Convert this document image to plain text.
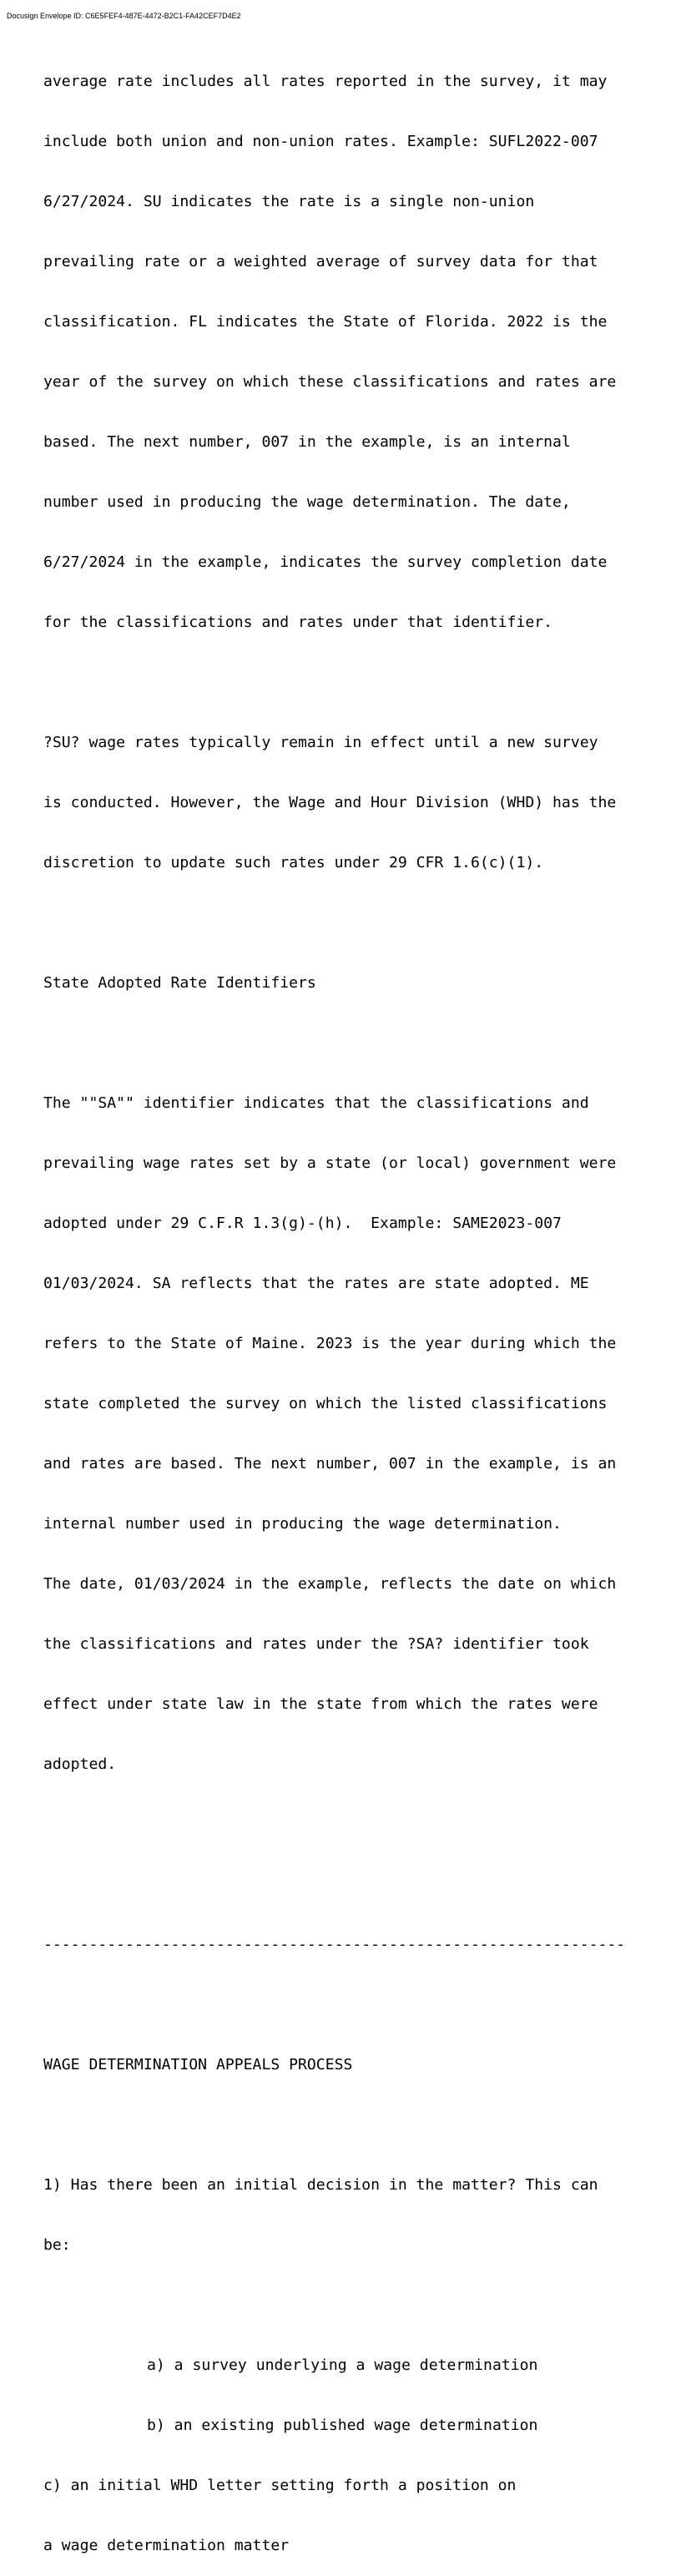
Docusign Envelope ID: C6E5FEF4-487E-4472-B2C1-FA42CEF7D4E2

average rate includes all rates reported in the survey, it may

include both union and non-union rates. Example: SUFL2022-007

6/27/2024. SU indicates the rate is a single non-union

prevailing rate or a weighted average of survey data for that

classification. FL indicates the State of Florida. 2022 is the

year of the survey on which these classifications and rates are

based. The next number, 007 in the example, is an internal

number used in producing the wage determination. The date,

6/27/2024 in the example, indicates the survey completion date

for the classifications and rates under that identifier.

?SU? wage rates typically remain in effect until a new survey

is conducted. However, the Wage and Hour Division (WHD) has the

discretion to update such rates under 29 CFR 1.6(c)(1).

State Adopted Rate Identifiers

The ""SA"" identifier indicates that the classifications and

prevailing wage rates set by a state (or local) government were

adopted under 29 C.F.R 1.3(g)-(h).  Example: SAME2023-007

01/03/2024. SA reflects that the rates are state adopted. ME

refers to the State of Maine. 2023 is the year during which the

state completed the survey on which the listed classifications

and rates are based. The next number, 007 in the example, is an

internal number used in producing the wage determination.

The date, 01/03/2024 in the example, reflects the date on which

the classifications and rates under the ?SA? identifier took

effect under state law in the state from which the rates were

adopted.

----------------------------------------------------------------

WAGE DETERMINATION APPEALS PROCESS

1) Has there been an initial decision in the matter? This can

be:

a) a survey underlying a wage determination

b) an existing published wage determination

c) an initial WHD letter setting forth a position on

a wage determination matter
